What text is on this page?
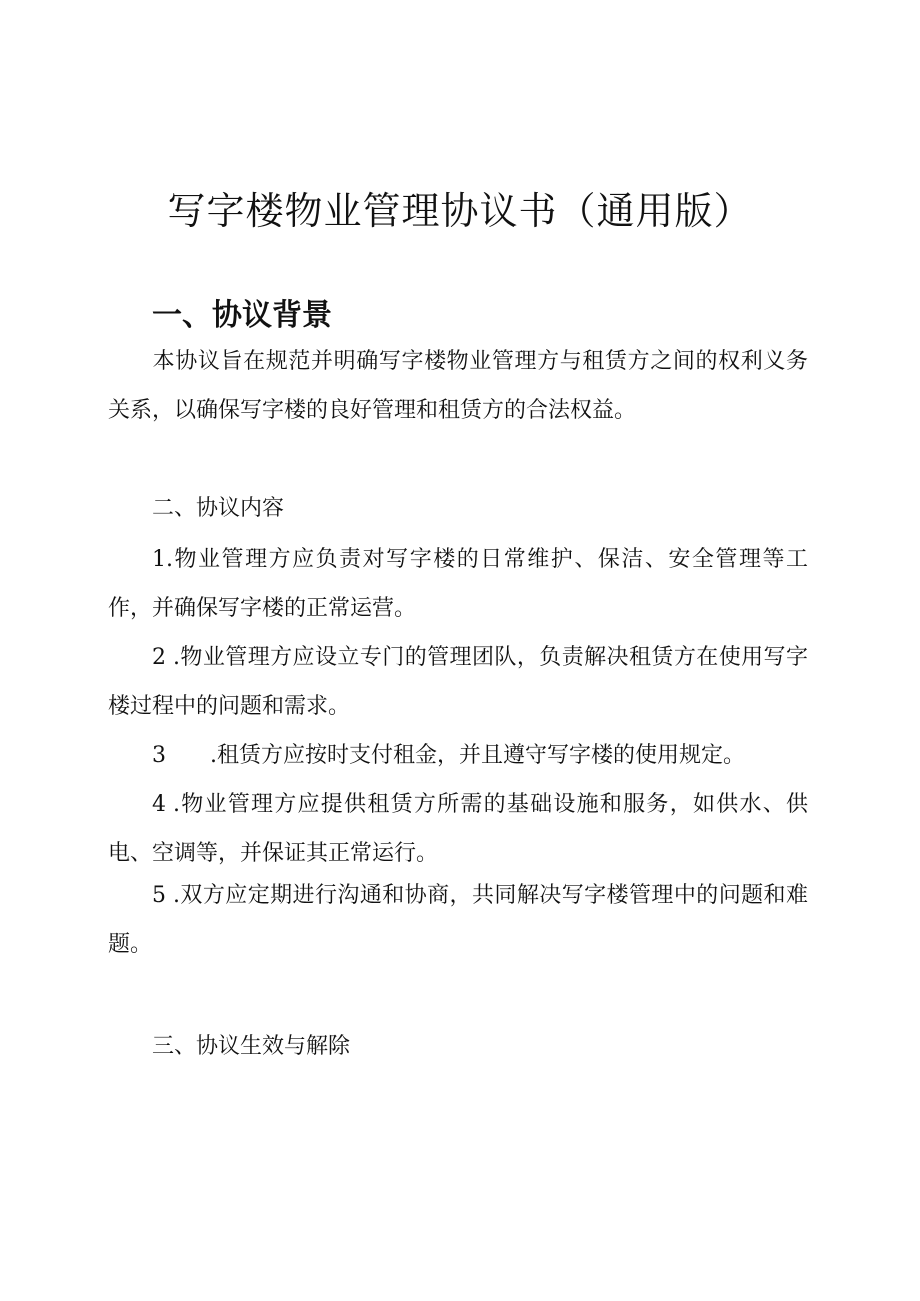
写字楼物业管理协议书（通用版）
一、协议背景

本协议旨在规范并明确写字楼物业管理方与租赁方之间的权利义务关系，以确保写字楼的良好管理和租赁方的合法权益。

二、协议内容

1.物业管理方应负责对写字楼的日常维护、保洁、安全管理等工作，并确保写字楼的正常运营。

2 .物业管理方应设立专门的管理团队，负责解决租赁方在使用写字楼过程中的问题和需求。

3　　.租赁方应按时支付租金，并且遵守写字楼的使用规定。

4 .物业管理方应提供租赁方所需的基础设施和服务，如供水、供电、空调等，并保证其正常运行。

5 .双方应定期进行沟通和协商，共同解决写字楼管理中的问题和难题。

三、协议生效与解除
